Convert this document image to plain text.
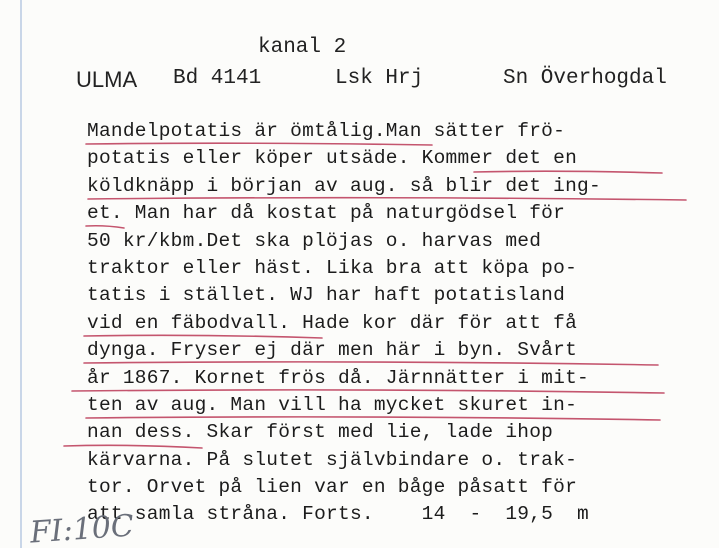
kanal 2
ULMA Bd 4141	Lsk Hrj	Sn Överhogdal
Mandelpotatis är ömtålig.Man sätter frö-
potatis eller köper utsäde. Kommer det en
köldknäpp i början av aug. så blir det ing-
et. Man har då kostat på naturgödsel för
50 kr/kbm.Det ska plöjas o. harvas med
traktor eller häst. Lika bra att köpa po-
tatis i stället. WJ har haft potatisland
vid en fäbodvall. Hade kor där för att få
dynga. Fryser ej där men här i byn. Svårt
år 1867. Kornet frös då. Järnnätter i mit-
ten av aug. Man vill ha mycket skuret in-
nan dess. Skar först med lie, lade ihop
kärvarna. På slutet självbindare o. trak-
tor. Orvet på lien var en båge påsatt för
att samla stråna. Forts.    14  -  19,5  m
FI:10C
